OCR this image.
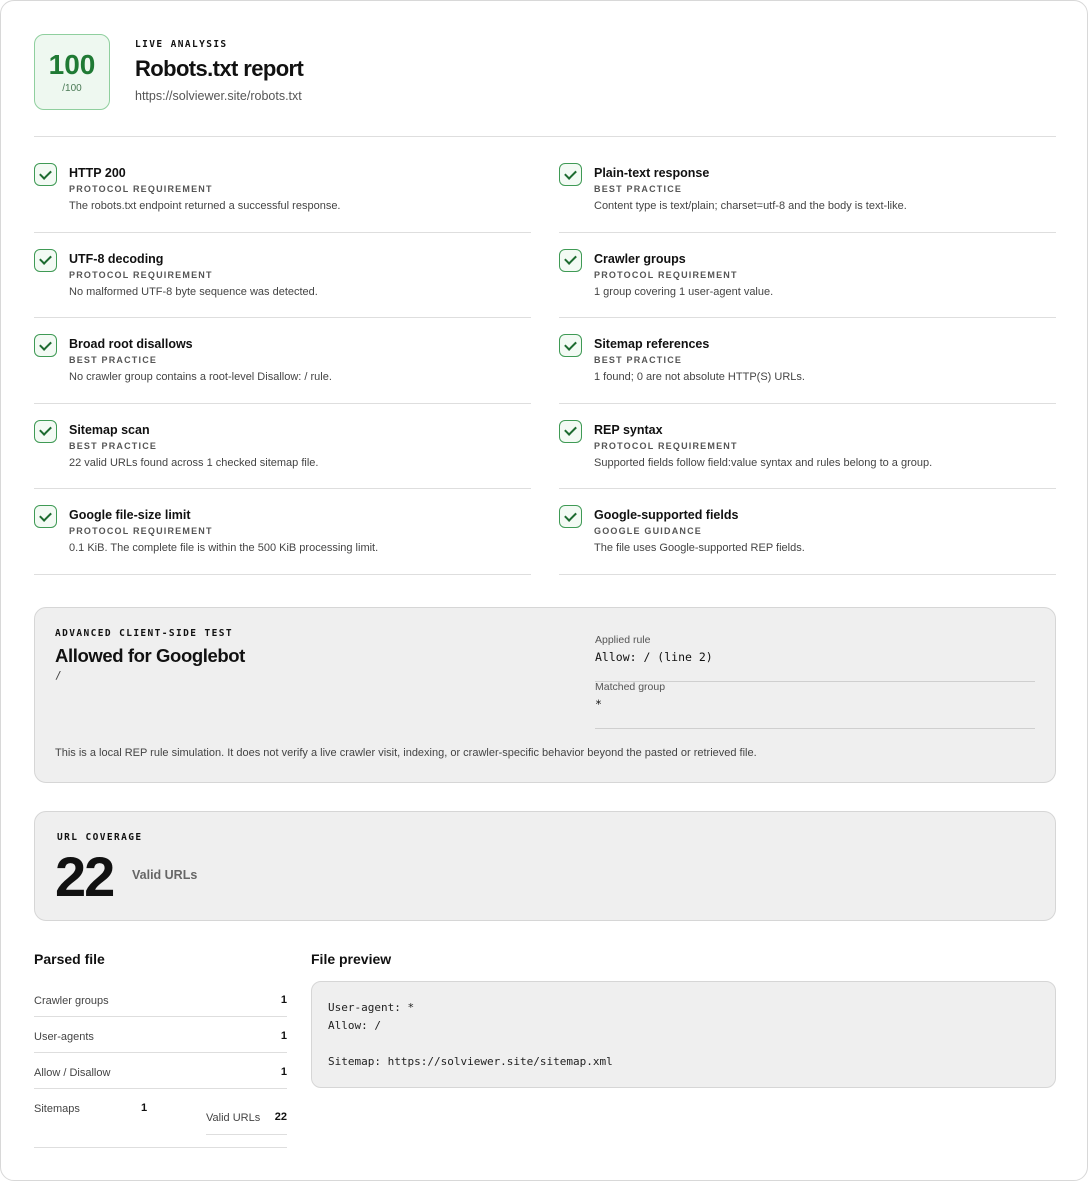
100
/100
LIVE ANALYSIS
Robots.txt report
https://solviewer.site/robots.txt
HTTP 200
PROTOCOL REQUIREMENT
The robots.txt endpoint returned a successful response.
Plain-text response
BEST PRACTICE
Content type is text/plain; charset=utf-8 and the body is text-like.
UTF-8 decoding
PROTOCOL REQUIREMENT
No malformed UTF-8 byte sequence was detected.
Crawler groups
PROTOCOL REQUIREMENT
1 group covering 1 user-agent value.
Broad root disallows
BEST PRACTICE
No crawler group contains a root-level Disallow: / rule.
Sitemap references
BEST PRACTICE
1 found; 0 are not absolute HTTP(S) URLs.
Sitemap scan
BEST PRACTICE
22 valid URLs found across 1 checked sitemap file.
REP syntax
PROTOCOL REQUIREMENT
Supported fields follow field:value syntax and rules belong to a group.
Google file-size limit
PROTOCOL REQUIREMENT
0.1 KiB. The complete file is within the 500 KiB processing limit.
Google-supported fields
GOOGLE GUIDANCE
The file uses Google-supported REP fields.
ADVANCED CLIENT-SIDE TEST
Allowed for Googlebot
/
Applied rule
Allow: / (line 2)
Matched group
*
This is a local REP rule simulation. It does not verify a live crawler visit, indexing, or crawler-specific behavior beyond the pasted or retrieved file.
URL COVERAGE
22 Valid URLs
Parsed file
Crawler groups	1
User-agents	1
Allow / Disallow	1
Sitemaps	1
Valid URLs 22
File preview
User-agent: *
Allow: /
Sitemap: https://solviewer.site/sitemap.xml
